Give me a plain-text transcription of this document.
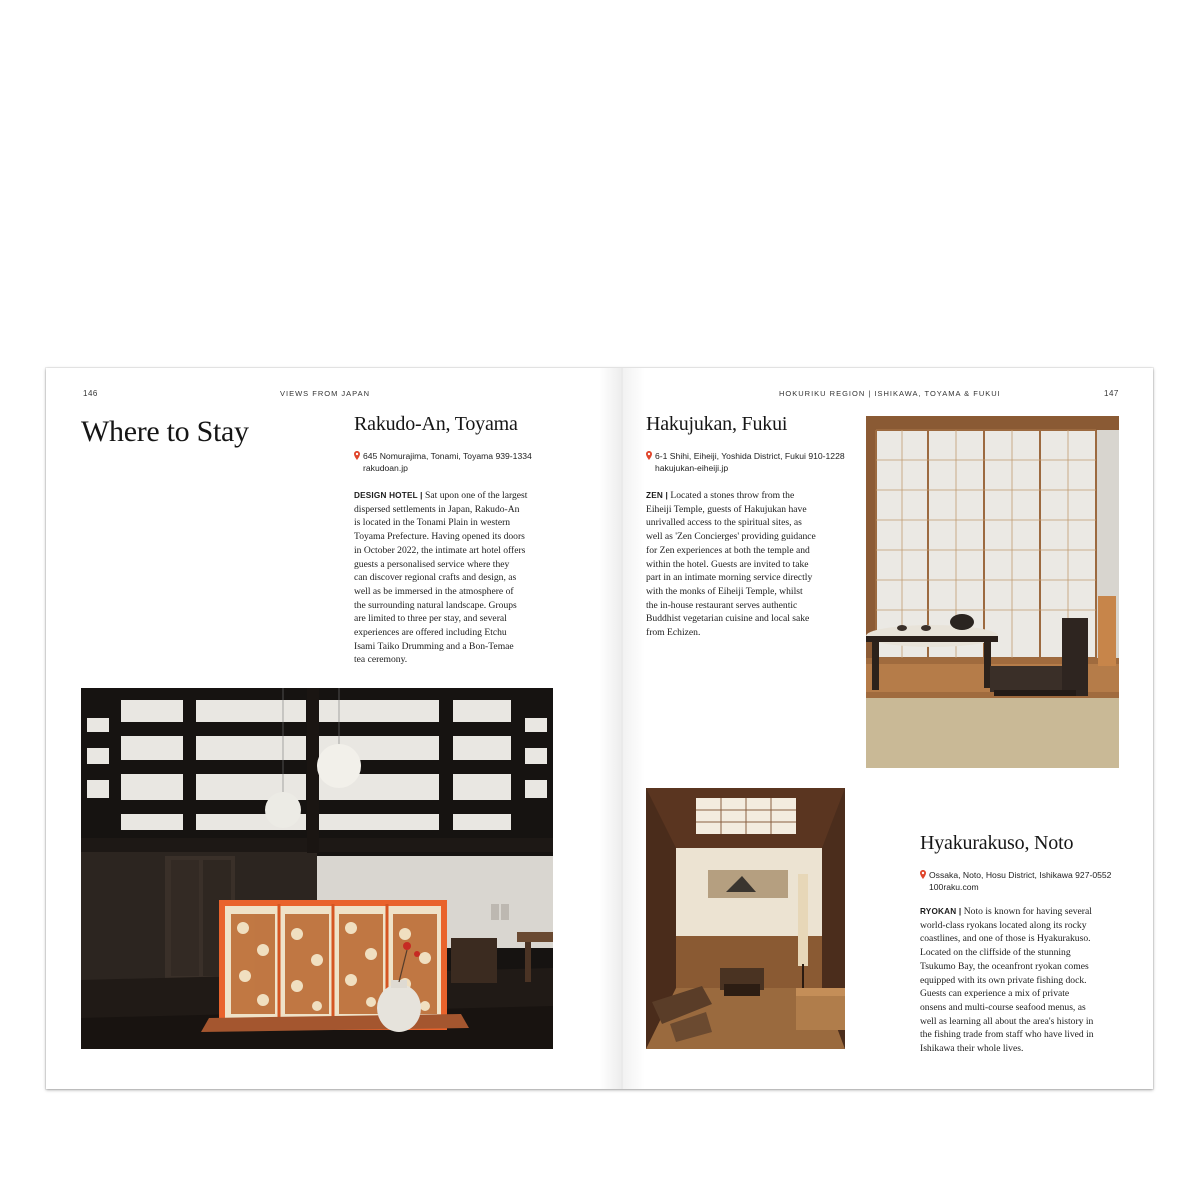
146	VIEWS FROM JAPAN	HOKURIKU REGION | ISHIKAWA, TOYAMA & FUKUI	147
Where to Stay	Rakudo-An, Toyama
645 Nomurajima, Tonami, Toyama 939-1334
rakudoan.jp
DESIGN HOTEL | Sat upon one of the largest
dispersed settlements in Japan, Rakudo-An
is located in the Tonami Plain in western
Toyama Prefecture. Having opened its doors
in October 2022, the intimate art hotel offers
guests a personalised service where they
can discover regional crafts and design, as
well as be immersed in the atmosphere of
the surrounding natural landscape. Groups
are limited to three per stay, and several
experiences are offered including Etchu
Isami Taiko Drumming and a Bon-Temae
tea ceremony.
Hakujukan, Fukui
6-1 Shihi, Eiheiji, Yoshida District, Fukui 910-1228
hakujukan-eiheiji.jp
ZEN | Located a stones throw from the
Eiheiji Temple, guests of Hakujukan have
unrivalled access to the spiritual sites, as
well as 'Zen Concierges' providing guidance
for Zen experiences at both the temple and
within the hotel. Guests are invited to take
part in an intimate morning service directly
with the monks of Eiheiji Temple, whilst
the in-house restaurant serves authentic
Buddhist vegetarian cuisine and local sake
from Echizen.
Hyakurakuso, Noto
Ossaka, Noto, Hosu District, Ishikawa 927-0552
100raku.com
RYOKAN | Noto is known for having several
world-class ryokans located along its rocky
coastlines, and one of those is Hyakurakuso.
Located on the cliffside of the stunning
Tsukumo Bay, the oceanfront ryokan comes
equipped with its own private fishing dock.
Guests can experience a mix of private
onsens and multi-course seafood menus, as
well as learning all about the area's history in
the fishing trade from staff who have lived in
Ishikawa their whole lives.
